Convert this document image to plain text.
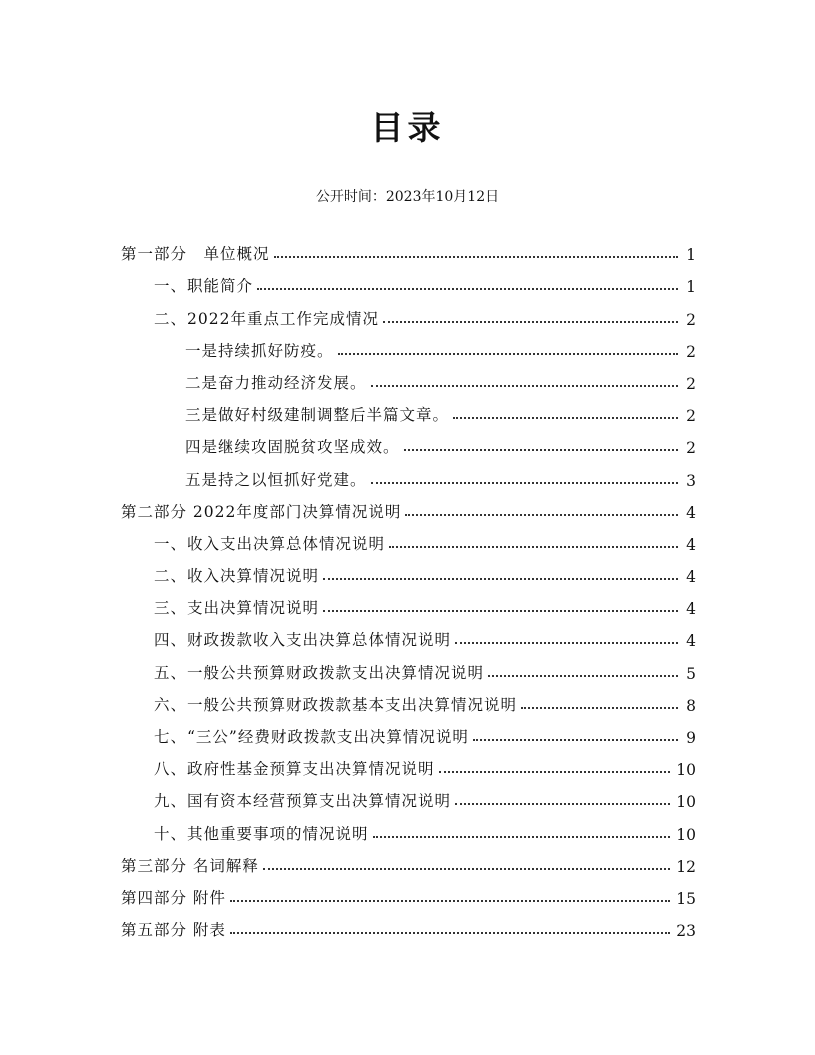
目录
公开时间：2023年10月12日
第一部分　单位概况	1
一、职能简介	1
二、2022年重点工作完成情况	2
一是持续抓好防疫。	2
二是奋力推动经济发展。	2
三是做好村级建制调整后半篇文章。	2
四是继续攻固脱贫攻坚成效。	2
五是持之以恒抓好党建。	3
第二部分 2022年度部门决算情况说明	4
一、收入支出决算总体情况说明	4
二、收入决算情况说明	4
三、支出决算情况说明	4
四、财政拨款收入支出决算总体情况说明	4
五、一般公共预算财政拨款支出决算情况说明	5
六、一般公共预算财政拨款基本支出决算情况说明	8
七、“三公”经费财政拨款支出决算情况说明	9
八、政府性基金预算支出决算情况说明	10
九、国有资本经营预算支出决算情况说明	10
十、其他重要事项的情况说明	10
第三部分 名词解释	12
第四部分 附件	15
第五部分 附表	23
